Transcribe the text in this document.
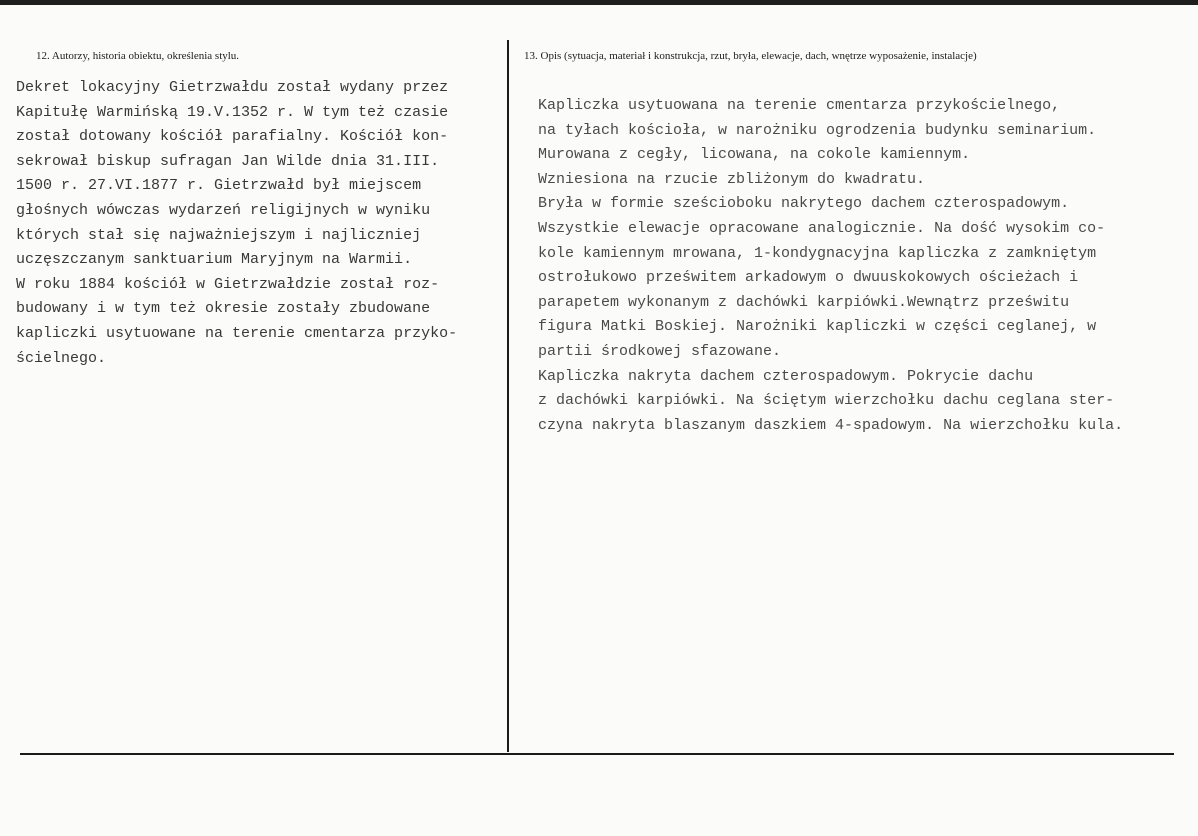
12. Autorzy, historia obiektu, określenia stylu.	13. Opis (sytuacja, materiał i konstrukcja, rzut, bryła, elewacje, dach, wnętrze wyposażenie, instalacje)
Dekret lokacyjny Gietrzwałdu został wydany przez
Kapitułę Warmińską 19.V.1352 r. W tym też czasie
został dotowany kościół parafialny. Kościół kon-
sekrował biskup sufragan Jan Wilde dnia 31.III.
1500 r. 27.VI.1877 r. Gietrzwałd był miejscem
głośnych wówczas wydarzeń religijnych w wyniku
których stał się najważniejszym i najliczniej
uczęszczanym sanktuarium Maryjnym na Warmii.
W roku 1884 kościół w Gietrzwałdzie został roz-
budowany i w tym też okresie zostały zbudowane
kapliczki usytuowane na terenie cmentarza przyko-
ścielnego.
Kapliczka usytuowana na terenie cmentarza przykościelnego,
na tyłach kościoła, w narożniku ogrodzenia budynku seminarium.
Murowana z cegły, licowana, na cokole kamiennym.
Wzniesiona na rzucie zbliżonym do kwadratu.
Bryła w formie sześcioboku nakrytego dachem czterospadowym.
Wszystkie elewacje opracowane analogicznie. Na dość wysokim co-
kole kamiennym mrowana, 1-kondygnacyjna kapliczka z zamkniętym
ostrołukowo prześwitem arkadowym o dwuuskokowych ościeżach i
parapetem wykonanym z dachówki karpiówki.Wewnątrz prześwitu
figura Matki Boskiej. Narożniki kapliczki w części ceglanej, w
partii środkowej sfazowane.
Kapliczka nakryta dachem czterospadowym. Pokrycie dachu
z dachówki karpiówki. Na ściętym wierzchołku dachu ceglana ster-
czyna nakryta blaszanym daszkiem 4-spadowym. Na wierzchołku kula.
